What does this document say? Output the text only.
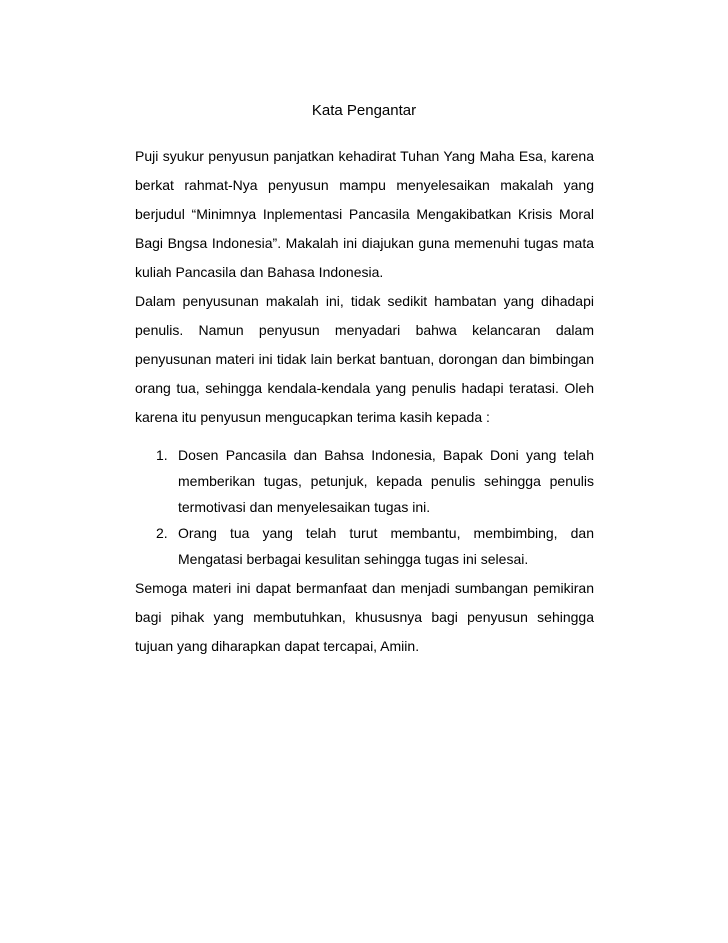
Kata Pengantar

Puji syukur penyusun panjatkan kehadirat Tuhan Yang Maha Esa, karena berkat rahmat-Nya penyusun mampu menyelesaikan makalah yang berjudul “Minimnya Inplementasi Pancasila Mengakibatkan Krisis Moral Bagi Bngsa Indonesia”. Makalah ini diajukan guna memenuhi tugas mata kuliah Pancasila dan Bahasa Indonesia.

Dalam penyusunan makalah ini, tidak sedikit hambatan yang dihadapi penulis. Namun penyusun menyadari bahwa kelancaran dalam penyusunan materi ini tidak lain berkat bantuan, dorongan dan bimbingan orang tua, sehingga kendala-kendala yang penulis hadapi teratasi. Oleh karena itu penyusun mengucapkan terima kasih kepada :

1. Dosen Pancasila dan Bahsa Indonesia, Bapak Doni yang telah memberikan tugas, petunjuk, kepada penulis sehingga penulis termotivasi dan menyelesaikan tugas ini.
2. Orang tua yang telah turut membantu, membimbing, dan Mengatasi berbagai kesulitan sehingga tugas ini selesai.

Semoga materi ini dapat bermanfaat dan menjadi sumbangan pemikiran bagi pihak yang membutuhkan, khususnya bagi penyusun sehingga tujuan yang diharapkan dapat tercapai, Amiin.
